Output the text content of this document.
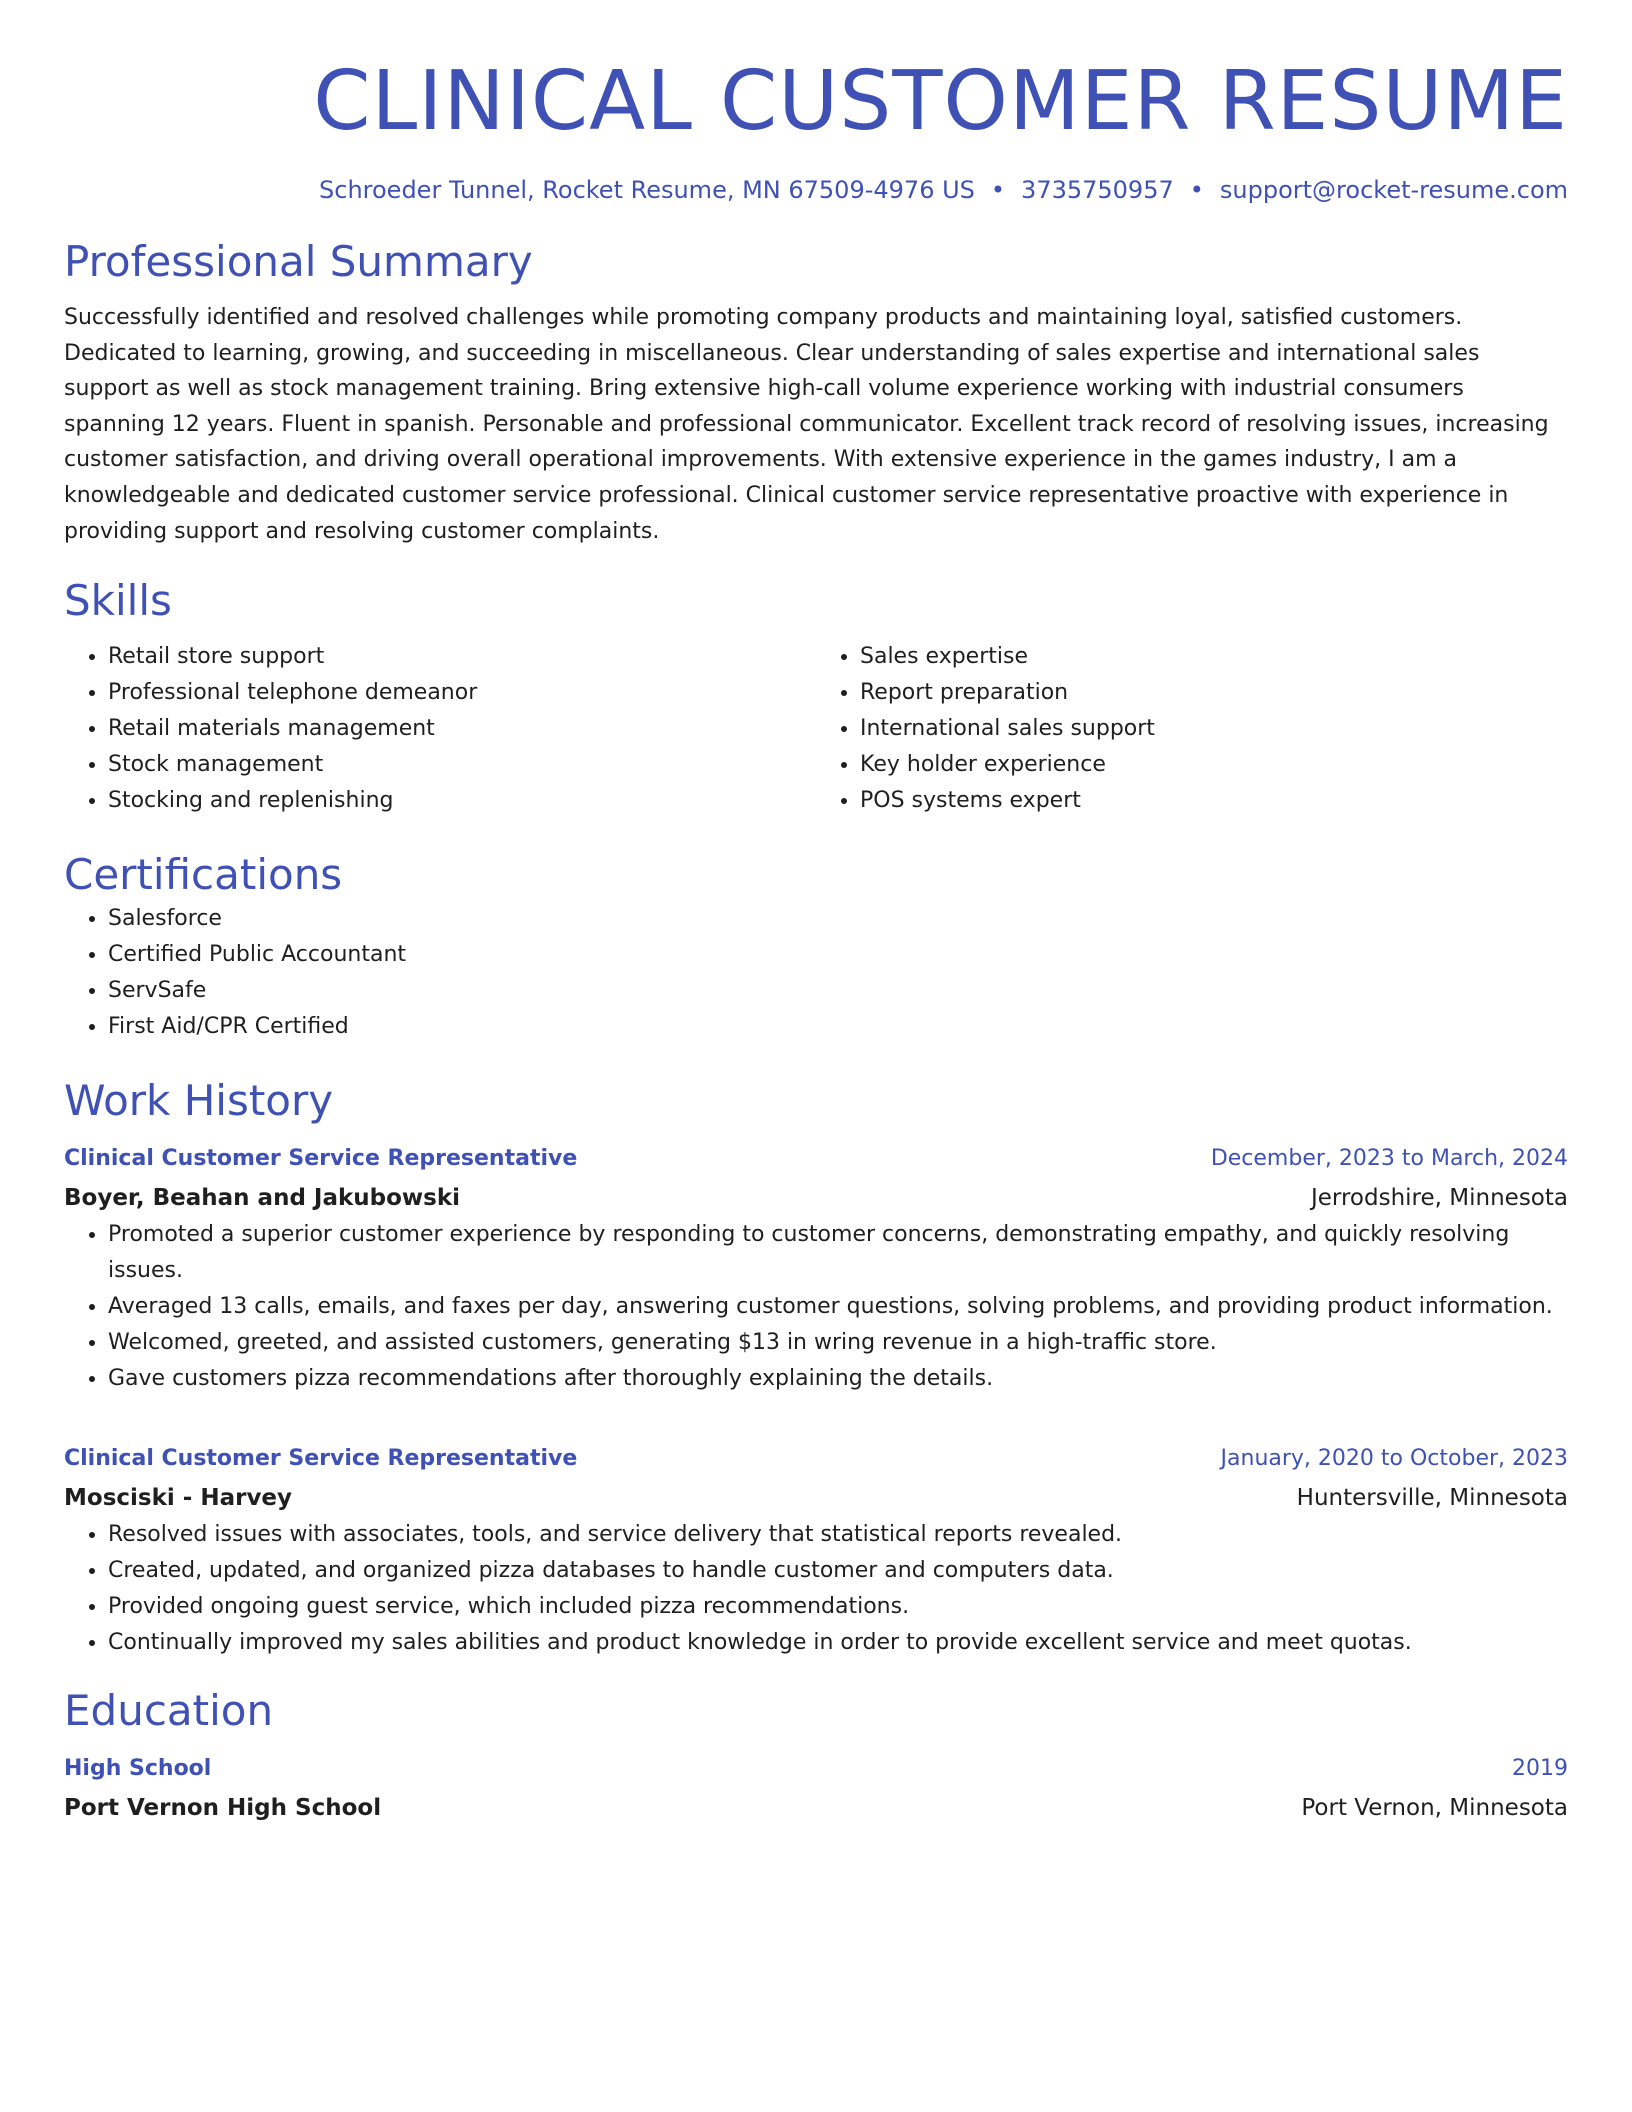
CLINICAL CUSTOMER RESUME
Schroeder Tunnel, Rocket Resume, MN 67509-4976 US • 3735750957 • support@rocket-resume.com
Professional Summary
Successfully identified and resolved challenges while promoting company products and maintaining loyal, satisfied customers. Dedicated to learning, growing, and succeeding in miscellaneous. Clear understanding of sales expertise and international sales support as well as stock management training. Bring extensive high-call volume experience working with industrial consumers spanning 12 years. Fluent in spanish. Personable and professional communicator. Excellent track record of resolving issues, increasing customer satisfaction, and driving overall operational improvements. With extensive experience in the games industry, I am a knowledgeable and dedicated customer service professional. Clinical customer service representative proactive with experience in providing support and resolving customer complaints.
Skills
• Retail store support
• Professional telephone demeanor
• Retail materials management
• Stock management
• Stocking and replenishing
• Sales expertise
• Report preparation
• International sales support
• Key holder experience
• POS systems expert
Certifications
• Salesforce
• Certified Public Accountant
• ServSafe
• First Aid/CPR Certified
Work History
Clinical Customer Service Representative	December, 2023 to March, 2024
Boyer, Beahan and Jakubowski	Jerrodshire, Minnesota
• Promoted a superior customer experience by responding to customer concerns, demonstrating empathy, and quickly resolving issues.
• Averaged 13 calls, emails, and faxes per day, answering customer questions, solving problems, and providing product information.
• Welcomed, greeted, and assisted customers, generating $13 in wring revenue in a high-traffic store.
• Gave customers pizza recommendations after thoroughly explaining the details.
Clinical Customer Service Representative	January, 2020 to October, 2023
Mosciski - Harvey	Huntersville, Minnesota
• Resolved issues with associates, tools, and service delivery that statistical reports revealed.
• Created, updated, and organized pizza databases to handle customer and computers data.
• Provided ongoing guest service, which included pizza recommendations.
• Continually improved my sales abilities and product knowledge in order to provide excellent service and meet quotas.
Education
High School	2019
Port Vernon High School	Port Vernon, Minnesota
